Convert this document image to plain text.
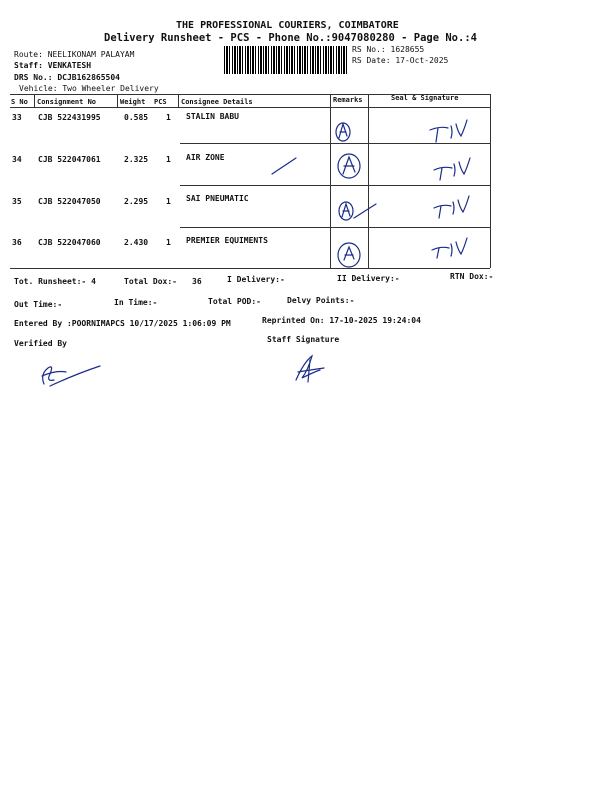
THE PROFESSIONAL COURIERS, COIMBATORE
Delivery Runsheet - PCS - Phone No.:9047080280 - Page No.:4
Route: NEELIKONAM PALAYAM
Staff: VENKATESH
DRS No.: DCJB162865504
Vehicle: Two Wheeler Delivery
RS No.: 1628655
RS Date: 17-Oct-2025
S No Consignment No	Weight PCS Consignee Details	Remarks	Seal & Signature
33 CJB 522431995	0.585 1 STALIN BABU
34 CJB 522047061	2.325 1 AIR ZONE
35 CJB 522047050	2.295 1 SAI PNEUMATIC
36 CJB 522047060	2.430 1 PREMIER EQUIMENTS
Tot. Runsheet:- 4	Total Dox:- 36	I Delivery:-	II Delivery:-	RTN Dox:-
Out Time:-	In Time:-	Total POD:-	Delvy Points:-
Entered By :POORNIMAPCS 10/17/2025 1:06:09 PM	Reprinted On: 17-10-2025 19:24:04
Verified By	Staff Signature
